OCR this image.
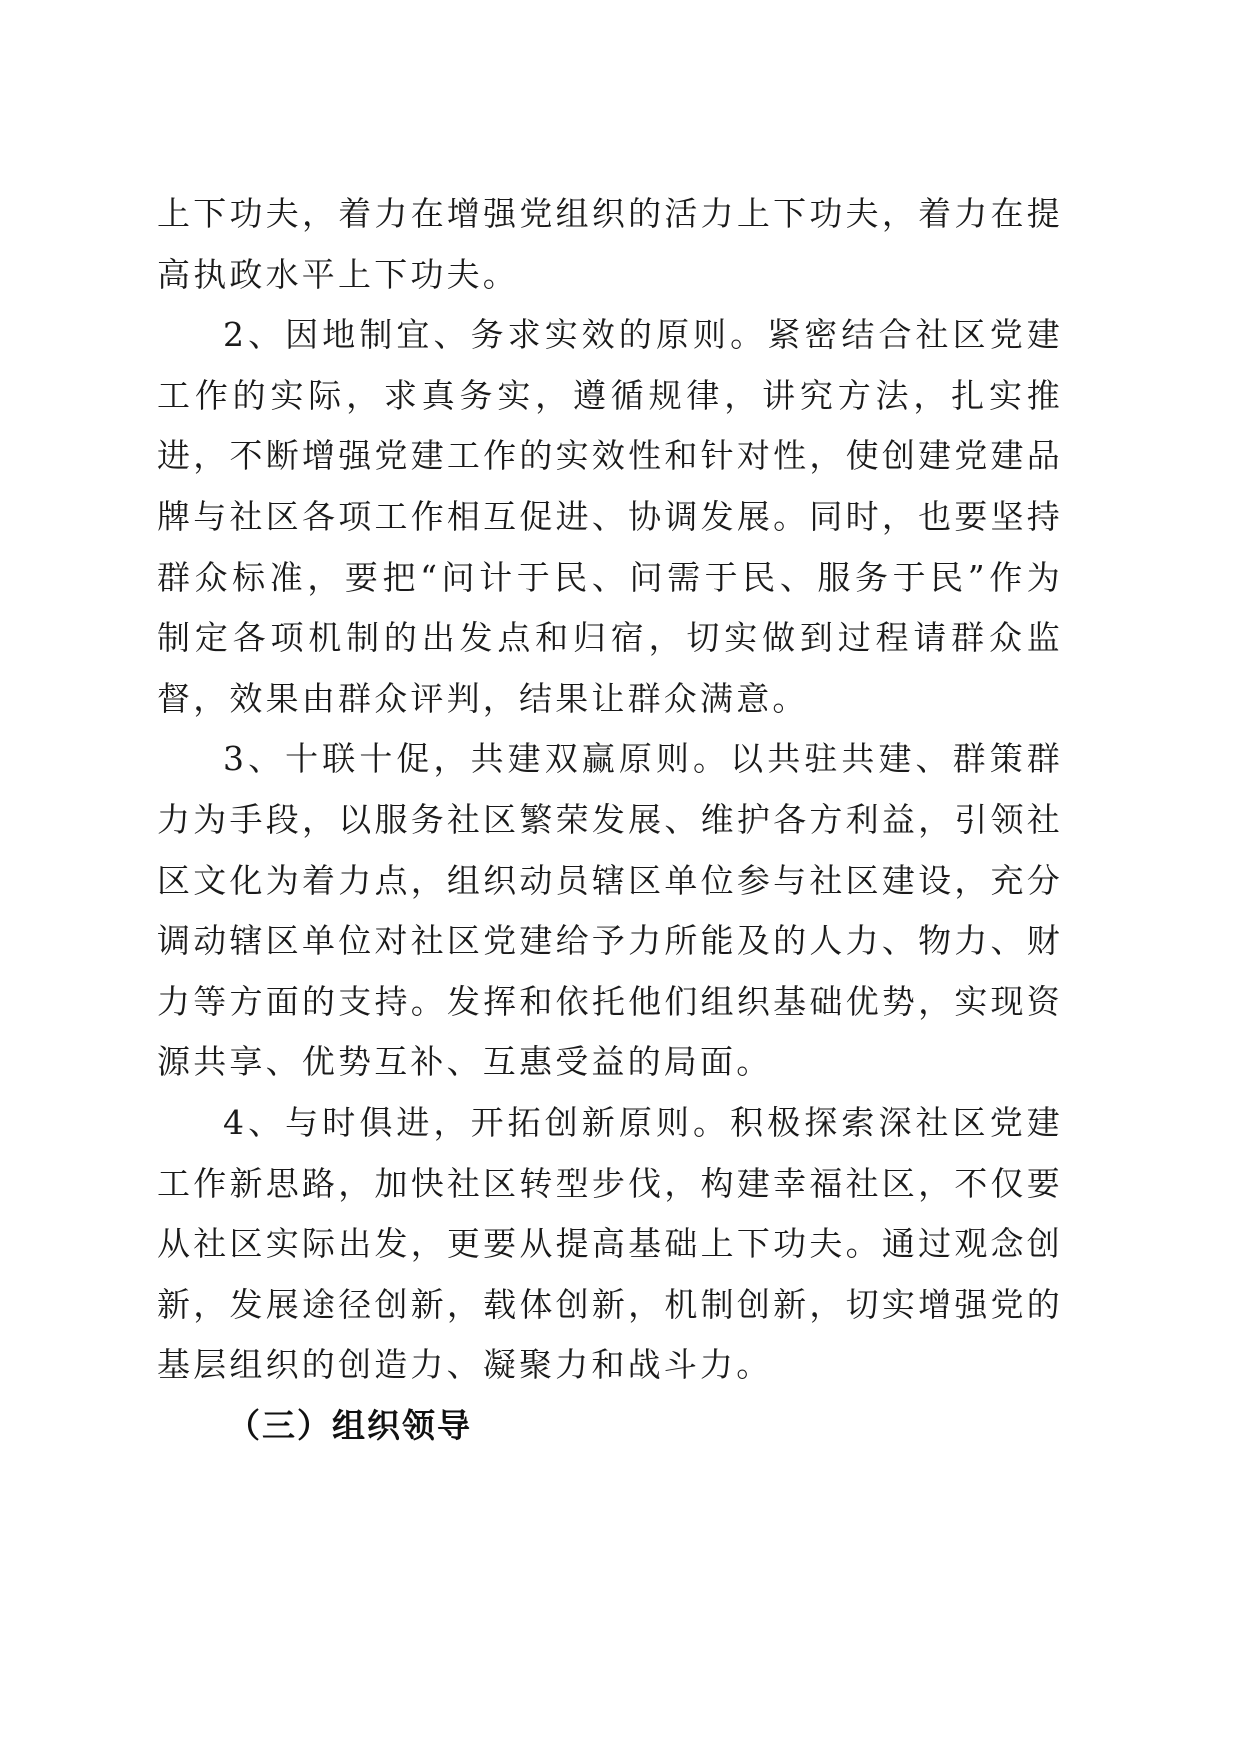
上下功夫，着力在增强党组织的活力上下功夫，着力在提高执政水平上下功夫。

2、因地制宜、务求实效的原则。紧密结合社区党建工作的实际，求真务实，遵循规律，讲究方法，扎实推进，不断增强党建工作的实效性和针对性，使创建党建品牌与社区各项工作相互促进、协调发展。同时，也要坚持群众标准，要把“问计于民、问需于民、服务于民”作为制定各项机制的出发点和归宿，切实做到过程请群众监督，效果由群众评判，结果让群众满意。

3、十联十促，共建双赢原则。以共驻共建、群策群力为手段，以服务社区繁荣发展、维护各方利益，引领社区文化为着力点，组织动员辖区单位参与社区建设，充分调动辖区单位对社区党建给予力所能及的人力、物力、财力等方面的支持。发挥和依托他们组织基础优势，实现资源共享、优势互补、互惠受益的局面。

4、与时俱进，开拓创新原则。积极探索深社区党建工作新思路，加快社区转型步伐，构建幸福社区，不仅要从社区实际出发，更要从提高基础上下功夫。通过观念创新，发展途径创新，载体创新，机制创新，切实增强党的基层组织的创造力、凝聚力和战斗力。

（三）组织领导
